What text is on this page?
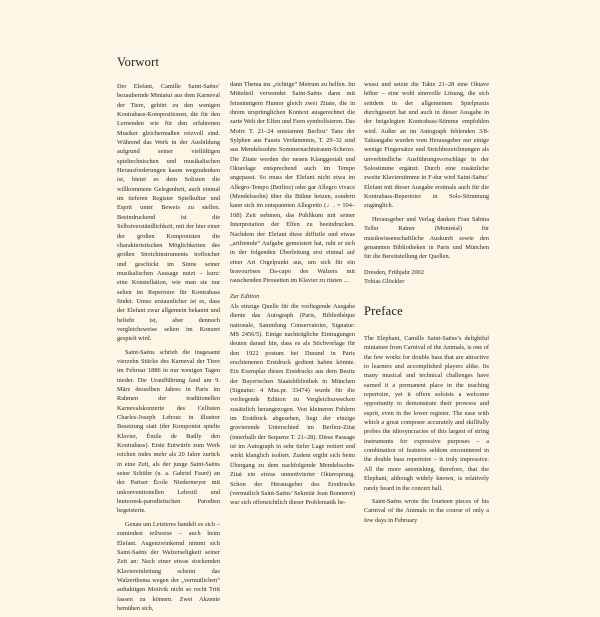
Vorwort

Der Elefant, Camille Saint-Saëns’ bezaubernde Miniatur aus dem Karneval der Tiere, gehört zu den wenigen Kontrabass-Kompositionen, die für den Lernenden wie für den erfahrenen Musiker gleichermaßen reizvoll sind. Während das Werk in der Ausbildung aufgrund seiner vielfältigen spieltechnischen und musikalischen Herausforderungen kaum wegzudenken ist, bietet es dem Solisten die willkommene Gelegenheit, auch einmal im tieferen Register Spielkultur und Esprit unter Beweis zu stellen. Beeindruckend ist die Selbstverständlichkeit, mit der hier einer der großen Komponisten die charakteristischen Möglichkeiten des großen Streichinstruments treffsicher und geschickt im Sinne seiner musikalischen Aussage nutzt – kurz: eine Konstellation, wie man sie nur selten im Repertoire für Kontrabass findet. Umso erstaunlicher ist es, dass der Elefant zwar allgemein bekannt und beliebt ist, aber dennoch vergleichsweise selten im Konzert gespielt wird.

Saint-Saëns schrieb die insgesamt vierzehn Stücke des Karneval der Tiere im Februar 1886 in nur wenigen Tagen nieder. Die Uraufführung fand am 9. März desselben Jahres in Paris im Rahmen der traditionellen Karnevalskonzerte des Cellisten Charles-Joseph Lebouc in illustrer Besetzung statt (der Komponist spielte Klavier, Émile de Bailly den Kontrabass). Erste Entwürfe zum Werk reichen indes mehr als 20 Jahre zurück in eine Zeit, als der junge Saint-Saëns seine Schüler (u. a. Gabriel Fauré) an der Pariser École Niedermeyer mit unkonventionellen Lehrstil und humoresk-parodistischen Parodien begeisterte.

Genau um Letzteres handelt es sich – zumindest teilweise – auch beim Elefant. Augenzwinkernd nimmt sich Saint-Saëns der Walzerseligkeit seiner Zeit an: Nach einer etwas stockenden Klaviereinleitung scheint das Walzerthema wegen der „vermutlichen“ auftaktigen Motivik nicht so recht Tritt fassen zu können. Zwei Akzente bemühen sich,

dann Thema ins „richtige“ Metrum zu helfen. Im Mittelteil verwendet Saint-Saëns dann mit feinsinnigem Humor gleich zwei Zitate, die in ihrem ursprünglichen Kontext ausgerechnet die zarte Welt der Elfen und Feen symbolisieren. Das Motiv T. 21–24 entstammt Berlioz’ Tanz der Sylphen aus Fausts Verdammnis, T. 29–32 sind aus Mendelssohns Sommernachtstraum-Scherzo. Die Zitate werden der neuen Klanggestalt und Oktavlage entsprechend auch im Tempo angepasst. So muss der Elefant nicht etwa im Allegro-Tempo (Berlioz) oder gar Allegro vivace (Mendelssohn) über die Bühne hetzen, sondern kann sich im entspannten Allegretto (♩. = 104–108) Zeit nehmen, das Publikum mit seiner Interpretation der Elfen zu beeindrucken. Nachdem der Elefant diese diffizile und etwas „artfremde“ Aufgabe gemeistert hat, ruht er sich in der folgenden Überleitung erst einmal auf einer Art Orgelpunkt aus, um sich für ein bravouröses Da-capo des Walzers mit rauschenden Pirouetten im Klavier zu rüsten …

Zur Edition

Als einzige Quelle für die vorliegende Ausgabe diente das Autograph (Paris, Bibliothèque nationale, Sammlung Conservatoire, Signatur: MS 2456/5). Einige nachträgliche Eintragungen deuten darauf hin, dass es als Stichvorlage für den 1922 postum bei Durand in Paris erschienenen Erstdruck gedient haben könnte. Ein Exemplar dieses Erstdrucks aus dem Besitz der Bayerischen Staatsbibliothek in München (Signatur: 4 Mus.pr. 33474) wurde für die vorliegende Edition zu Vergleichszwecken zusätzlich herangezogen. Von kleineren Fehlern im Erstdruck abgesehen, liegt der einzige gravierende Unterschied im Berlioz-Zitat (innerhalb der Sequenz T. 21–28). Diese Passage ist im Autograph in sehr tiefer Lage notiert und wirkt klanglich isoliert. Zudem ergibt sich beim Übergang zu dem nachfolgende Mendelssohn-Zitat ein etwas unmotivierter Oktavsprung. Schon der Herausgeber des Erstdrucks (vermutlich Saint-Saëns’ Sekretär Jean Bonnerot) war sich offensichtlich dieser Problematik be-

wusst und setzte die Takte 21–28 eine Oktave höher – eine wohl sinnvolle Lösung, die sich seitdem in der allgemeinen Spielpraxis durchgesetzt hat und auch in dieser Ausgabe in der beigelegten Kontrabass-Stimme empfohlen wird. Außer an im Autograph fehlenden 3/8-Taktangabe wurden vom Herausgeber nur einige wenige Fingersätze und Strichbezeichnungen als unverbindliche Ausführungsvorschläge in der Solostimme ergänzt. Durch eine zusätzliche zweite Klavierstimme in F-dur wird Saint-Saëns’ Elefant mit dieser Ausgabe erstmals auch für die Kontrabass-Repertoire in Solo-Stimmung zugänglich.

Herausgeber und Verlag danken Frau Sabina Teller Ratner (Montréal) für musikwissenschaftliche Auskunft sowie den genannten Bibliotheken in Paris und München für die Bereitstellung der Quellen.

Dresden, Frühjahr 2002

Tobias Glöckler

Preface

The Elephant, Camille Saint-Saëns’s delightful miniature from Carnival of the Animals, is one of the few works for double bass that are attractive to learners and accomplished players alike. Its many musical and technical challenges have earned it a permanent place in the teaching repertoire, yet it offers soloists a welcome opportunity to demonstrate their prowess and esprit, even in the lower register. The ease with which a great composer accurately and skillfully probes the idiosyncracies of this largest of string instruments for expressive purposes – a combination of features seldom encountered in the double bass repertoire – is truly impressive. All the more astonishing, therefore, that the Elephant, although widely known, is relatively rarely heard in the concert hall.

Saint-Saëns wrote the fourteen pieces of his Carnival of the Animals in the course of only a few days in February
